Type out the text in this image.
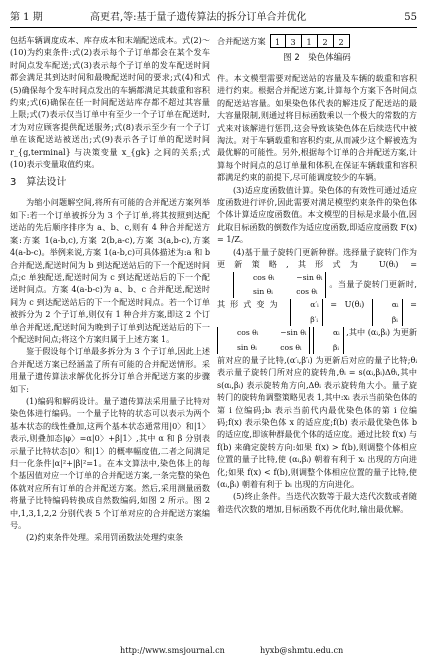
第 1 期	高更君,等:基于量子遗传算法的拆分订单合并优化	55

包括车辆调度成本、库存成本和末端配送成本。式(2)～(10)为约束条件:式(2)表示每个子订单都会在某个发车时间点发车配送;式(3)表示每个子订单的发车配送时间都会满足其到达时间和最晚配送时间的要求;式(4)和式(5)确保每个发车时间点发出的车辆都满足其载重和容积约束;式(6)确保在任一时间配送站库存都不超过其容量上限;式(7)表示仅当订单中有至少一个子订单在配送时,才为对应顾客提供配送服务;式(8)表示至少有一个子订单在该配送站被送出;式(9)表示各子订单的配送时间 r_{g,terminal} 与决策变量 x_{gk} 之间的关系;式(10)表示变量取值约束。

3　算法设计

为缩小问题解空间,将所有可能的合并配送方案列举如下:若一个订单被拆分为 3 个子订单,将其按照到达配送站的先后顺序排序为 a、b、c,则有 4 种合并配送方案:方案 1(a-b,c),方案 2(b,a-c),方案 3(a,b-c),方案 4(a-b-c)。举例来说,方案 1(a-b,c)可具体描述为:a 和 b 合并配送,配送时间为 b 到达配送站后的下一个配送时间点;c 单独配送,配送时间为 c 到达配送站后的下一个配送时间点。方案 4(a-b-c)为 a、b、c 合并配送,配送时间为 c 到达配送站后的下一个配送时间点。若一个订单被拆分为 2 个子订单,则仅有 1 种合并方案,即这 2 个订单合并配送,配送时间为晚到子订单到达配送站后的下一个配送时间点;将这个方案归属于上述方案 1。

鉴于假设每个订单最多拆分为 3 个子订单,因此上述合并配送方案已经涵盖了所有可能的合并配送情形。采用量子遗传算法求解优化拆分订单合并配送方案的步骤如下:

(1)编码和解码设计。量子遗传算法采用量子比特对染色体进行编码。一个量子比特的状态可以表示为两个基本状态的线性叠加,这两个基本状态通常用|0〉和|1〉表示,则叠加态|φ〉=α|0〉+β|1〉,其中 α 和 β 分别表示量子比特状态|0〉和|1〉的概率幅度值,二者之间满足归一化条件|α|²+|β|²=1。在本文算法中,染色体上的每个基因值对应一个订单的合并配送方案,一条完整的染色体就对应所有订单的合并配送方案。然后,采用测量函数将量子比特编码转换成自然数编码,如图 2 所示。图 2 中,1,3,1,2,2 分别代表 5 个订单对应的合并配送方案编号。

(2)约束条件处理。采用罚函数法处理约束条

合并配送方案	1	3	1	2	2
图 2　染色体编码

件。本文模型需要对配送站的容量及车辆的载重和容积进行约束。根据合并配送方案,计算每个方案下各时间点的配送站容量。如果染色体代表的解违反了配送站的最大容量限制,则通过将目标函数乘以一个极大的常数的方式来对该解进行惩罚,这会导致该染色体在后续迭代中被淘汰。对于车辆载重和容积约束,从而减少这个解被选为最优解的可能性。另外,根据每个订单的合并配送方案,计算每个时间点的总订单量和体积,在保证车辆载重和容积都满足约束的前提下,尽可能调度较少的车辆。

(3)适应度函数值计算。染色体的有效性可通过适应度函数进行评价,因此需要对满足模型约束条件的染色体个体计算适应度函数值。本文模型的目标是求最小值,因此取目标函数的倒数作为适应度函数,即适应度函数 F(x) = 1/Z。

(4)基于量子旋转门更新种群。选择量子旋转门作为更新策略,其形式为 U(θᵢ) =
cos θᵢ	−sin θᵢ
sin θᵢ	cos θᵢ
。当量子旋转门更新时,其形式变为	α′ᵢ
β′ᵢ
= U(θᵢ)	αᵢ
βᵢ
=
cos θᵢ	−sin θᵢ
sin θᵢ	cos θᵢ

αᵢ
βᵢ
,其中 (αᵢ,βᵢ) 为更新前对应的量子比特,(α′ᵢ,β′ᵢ) 为更新后对应的量子比特;θᵢ 表示量子旋转门所对应的旋转角,θᵢ = s(αᵢ,βᵢ)Δθᵢ,其中 s(αᵢ,βᵢ) 表示旋转角方向,Δθᵢ 表示旋转角大小。量子旋转门的旋转角调整策略见表 1,其中:xᵢ 表示当前染色体的第 i 位编码;bᵢ 表示当前代内最优染色体的第 i 位编码;f(x) 表示染色体 x 的适应度;f(b) 表示最优染色体 b 的适应度,即该种群最优个体的适应度。通过比较 f(x) 与 f(b) 来确定旋转方向:如果 f(x) > f(b),则调整个体相应位置的量子比特,使 (αᵢ,βᵢ) 朝着有利于 xᵢ 出现的方向进化;如果 f(x) < f(b),则调整个体相应位置的量子比特,使 (αᵢ,βᵢ) 朝着有利于 bᵢ 出现的方向进化。

(5)终止条件。当迭代次数等于最大迭代次数或者随着迭代次数的增加,目标函数不再优化时,输出最优解。

http://www.smsjournal.cn	hyxb@shmtu.edu.cn
